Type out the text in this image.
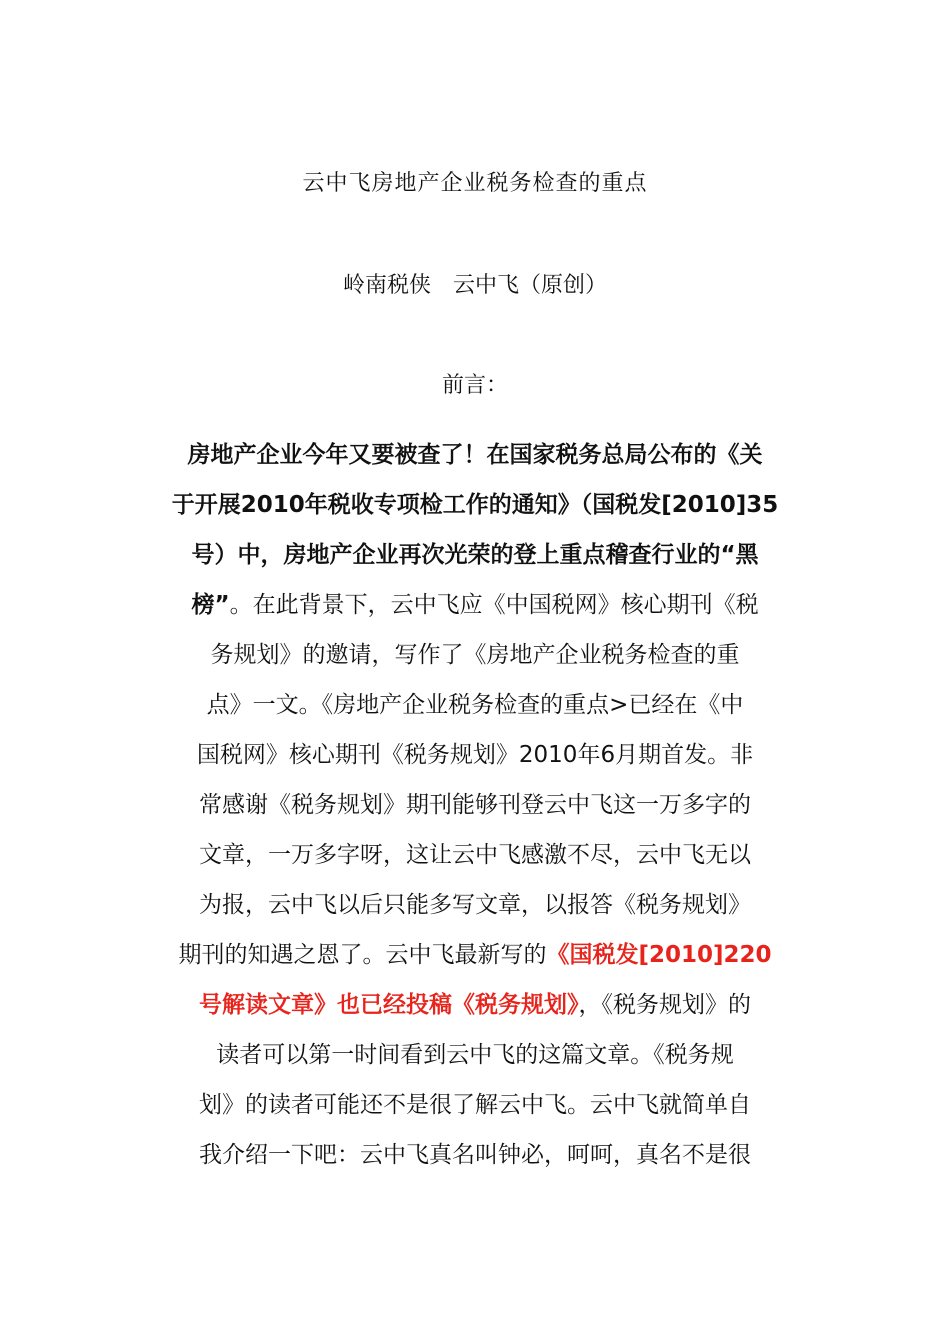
云中飞房地产企业税务检查的重点
岭南税侠　云中飞（原创）
前言：
房地产企业今年又要被查了！在国家税务总局公布的《关
于开展2010年税收专项检工作的通知》（国税发[2010]35
号）中，房地产企业再次光荣的登上重点稽查行业的“黑
榜”。在此背景下，云中飞应《中国税网》核心期刊《税
务规划》的邀请，写作了《房地产企业税务检查的重
点》一文。《房地产企业税务检查的重点>已经在《中
国税网》核心期刊《税务规划》2010年6月期首发。非
常感谢《税务规划》期刊能够刊登云中飞这一万多字的
文章，一万多字呀，这让云中飞感激不尽，云中飞无以
为报，云中飞以后只能多写文章，以报答《税务规划》
期刊的知遇之恩了。云中飞最新写的《国税发[2010]220
号解读文章》也已经投稿《税务规划》，《税务规划》的
读者可以第一时间看到云中飞的这篇文章。《税务规
划》的读者可能还不是很了解云中飞。云中飞就简单自
我介绍一下吧：云中飞真名叫钟必，呵呵，真名不是很
